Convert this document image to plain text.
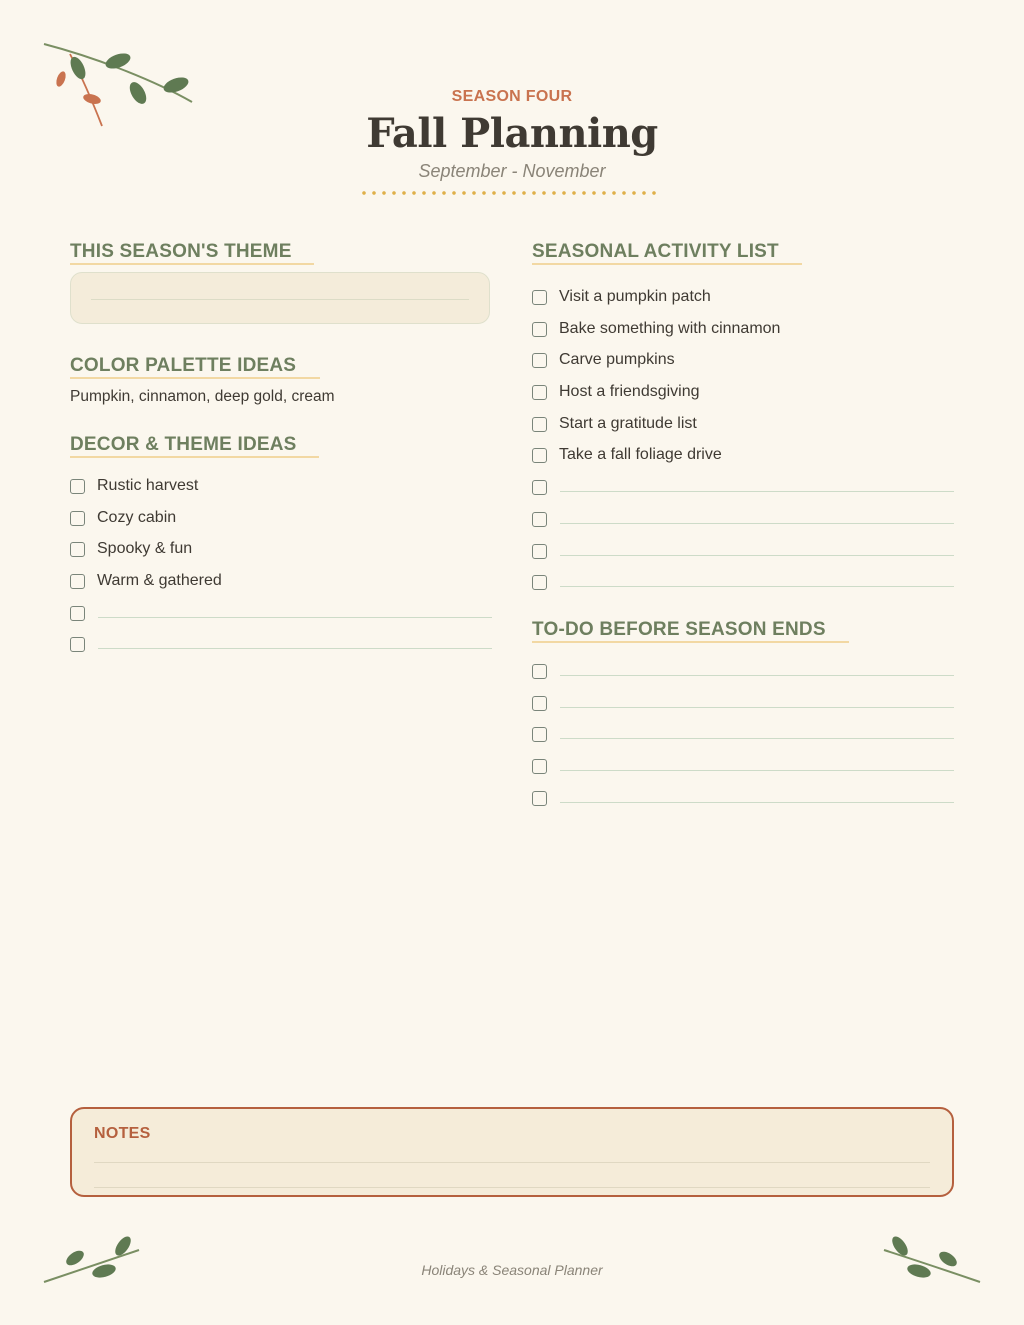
SEASON FOUR
Fall Planning
September - November
THIS SEASON'S THEME
COLOR PALETTE IDEAS
Pumpkin, cinnamon, deep gold, cream
DECOR & THEME IDEAS
Rustic harvest
Cozy cabin
Spooky & fun
Warm & gathered
SEASONAL ACTIVITY LIST
Visit a pumpkin patch
Bake something with cinnamon
Carve pumpkins
Host a friendsgiving
Start a gratitude list
Take a fall foliage drive
TO-DO BEFORE SEASON ENDS
NOTES
Holidays & Seasonal Planner
